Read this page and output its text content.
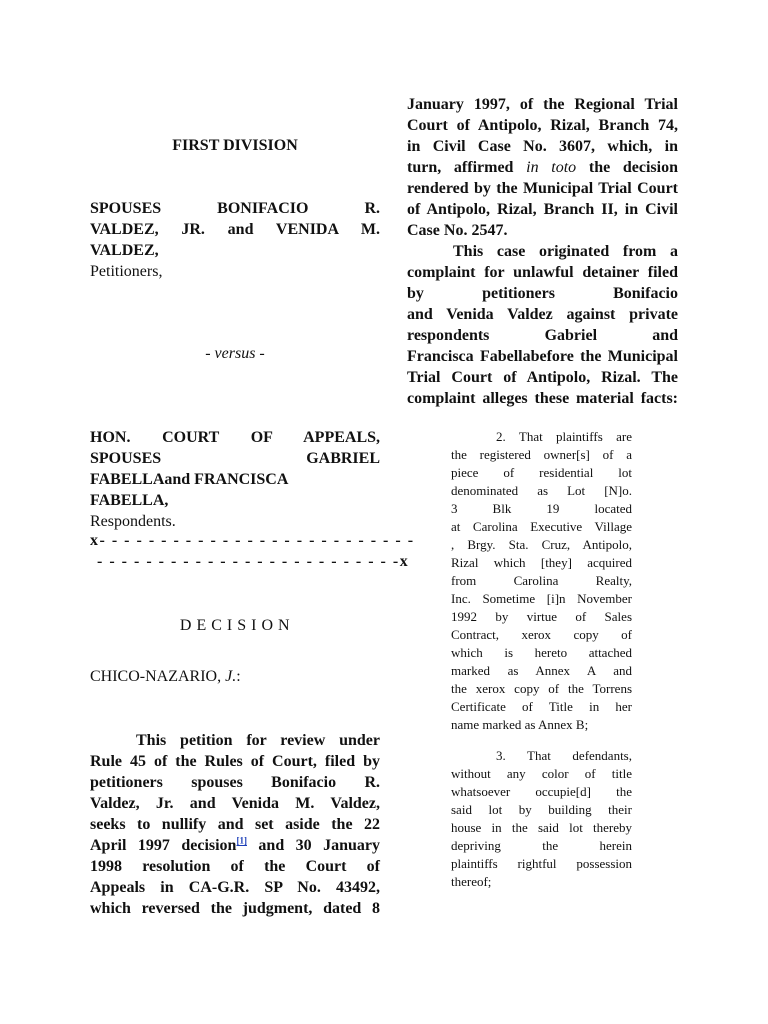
FIRST DIVISION
SPOUSES	BONIFACIO	R.
VALDEZ, JR. and VENIDA M.
VALDEZ,
Petitioners,
- versus -
HON. COURT OF APPEALS,
SPOUSES	GABRIEL
FABELLAand FRANCISCA
FABELLA,
Respondents.
x- - - - - - - - - - - - - - - - - - - - - - - - - -
- - - - - - - - - - - - - - - - - - - - - - - - -x
D E C I S I O N
CHICO-NAZARIO, J.:
This petition for review under
Rule 45 of the Rules of Court, filed by
petitioners spouses Bonifacio R.
Valdez, Jr. and Venida M. Valdez,
seeks to nullify and set aside the 22
April 1997 decision[1] and 30 January
1998 resolution of the Court of
Appeals in CA-G.R. SP No. 43492,
which reversed the judgment, dated 8
January 1997, of the Regional Trial
Court of Antipolo, Rizal, Branch 74,
in Civil Case No. 3607, which, in
turn, affirmed in toto the decision
rendered by the Municipal Trial Court
of Antipolo, Rizal, Branch II, in Civil
Case No. 2547.
This case originated from a
complaint for unlawful detainer filed
by petitioners Bonifacio
and Venida Valdez against private
respondents Gabriel and
Francisca Fabellabefore the Municipal
Trial Court of Antipolo, Rizal. The
complaint alleges these material facts:
2. That plaintiffs are
the registered owner[s] of a
piece of residential lot
denominated as Lot [N]o.
3 Blk 19 located
at Carolina Executive Village
, Brgy. Sta. Cruz, Antipolo,
Rizal which [they] acquired
from Carolina Realty,
Inc. Sometime [i]n November
1992 by virtue of Sales
Contract, xerox copy of
which is hereto attached
marked as Annex A and
the xerox copy of the Torrens
Certificate of Title in her
name marked as Annex B;
3. That defendants,
without any color of title
whatsoever occupie[d] the
said lot by building their
house in the said lot thereby
depriving the herein
plaintiffs rightful possession
thereof;
